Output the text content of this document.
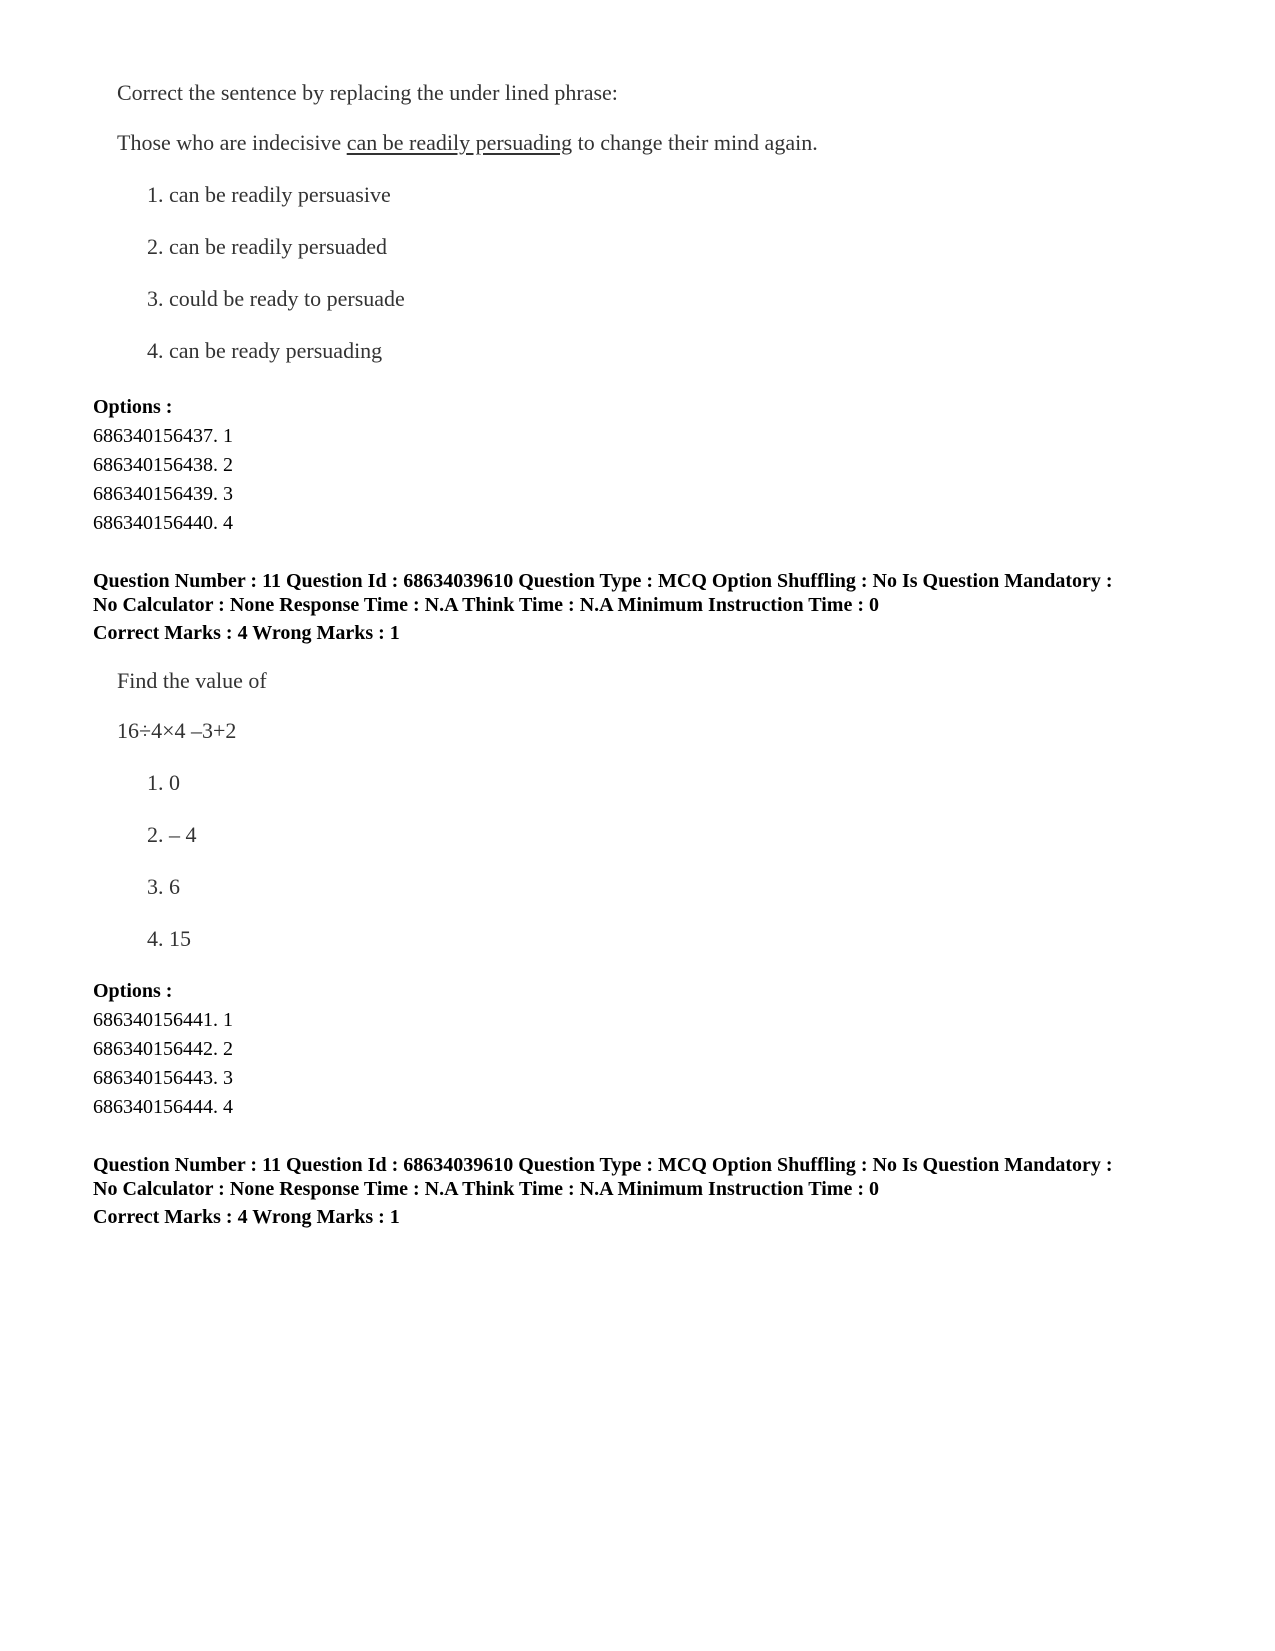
Correct the sentence by replacing the under lined phrase:
Those who are indecisive can be readily persuading to change their mind again.
1. can be readily persuasive
2. can be readily persuaded
3. could be ready to persuade
4. can be ready persuading
Options :
686340156437. 1
686340156438. 2
686340156439. 3
686340156440. 4
Question Number : 11 Question Id : 68634039610 Question Type : MCQ Option Shuffling : No Is Question Mandatory :
No Calculator : None Response Time : N.A Think Time : N.A Minimum Instruction Time : 0
Correct Marks : 4 Wrong Marks : 1
Find the value of
16÷4×4 –3+2
1. 0
2. – 4
3. 6
4. 15
Options :
686340156441. 1
686340156442. 2
686340156443. 3
686340156444. 4
Question Number : 11 Question Id : 68634039610 Question Type : MCQ Option Shuffling : No Is Question Mandatory :
No Calculator : None Response Time : N.A Think Time : N.A Minimum Instruction Time : 0
Correct Marks : 4 Wrong Marks : 1
